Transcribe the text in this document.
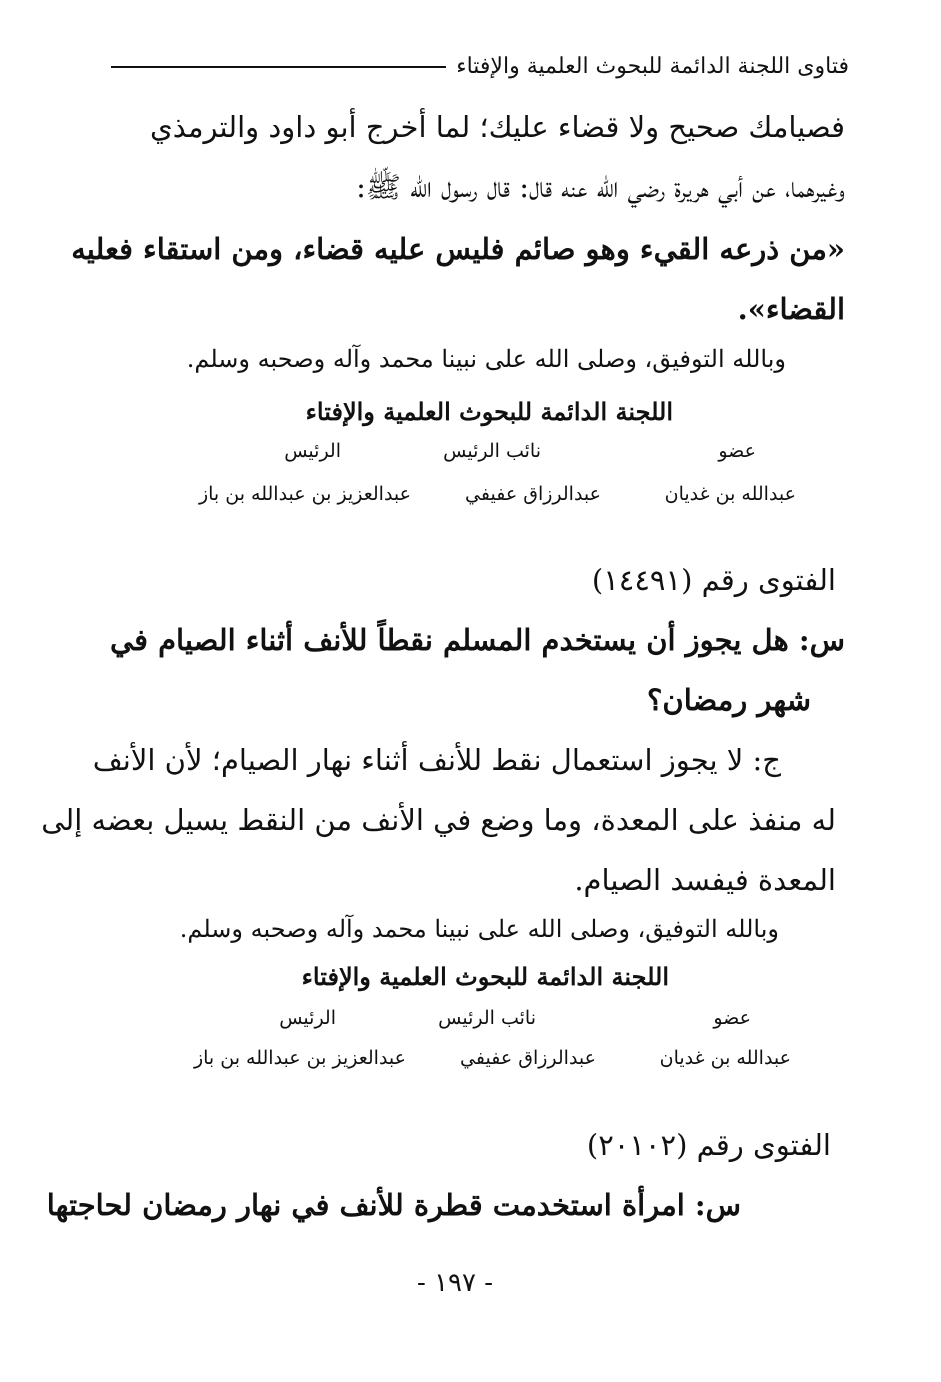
فتاوى اللجنة الدائمة للبحوث العلمية والإفتاء
فصيامك صحيح ولا قضاء عليك؛ لما أخرج أبو داود والترمذي
وغيرهما، عن أبي هريرة رضي الله عنه قال: قال رسول الله ﷺ:
«من ذرعه القيء وهو صائم فليس عليه قضاء، ومن استقاء فعليه
القضاء».
وبالله التوفيق، وصلى الله على نبينا محمد وآله وصحبه وسلم.
اللجنة الدائمة للبحوث العلمية والإفتاء
عضو
نائب الرئيس
الرئيس
عبدالله بن غديان
عبدالرزاق عفيفي
عبدالعزيز بن عبدالله بن باز
الفتوى رقم (١٤٤٩١)
س: هل يجوز أن يستخدم المسلم نقطاً للأنف أثناء الصيام في
شهر رمضان؟
ج: لا يجوز استعمال نقط للأنف أثناء نهار الصيام؛ لأن الأنف
له منفذ على المعدة، وما وضع في الأنف من النقط يسيل بعضه إلى
المعدة فيفسد الصيام.
وبالله التوفيق، وصلى الله على نبينا محمد وآله وصحبه وسلم.
اللجنة الدائمة للبحوث العلمية والإفتاء
عضو
نائب الرئيس
الرئيس
عبدالله بن غديان
عبدالرزاق عفيفي
عبدالعزيز بن عبدالله بن باز
الفتوى رقم (٢٠١٠٢)
س: امرأة استخدمت قطرة للأنف في نهار رمضان لحاجتها
- ١٩٧ -
